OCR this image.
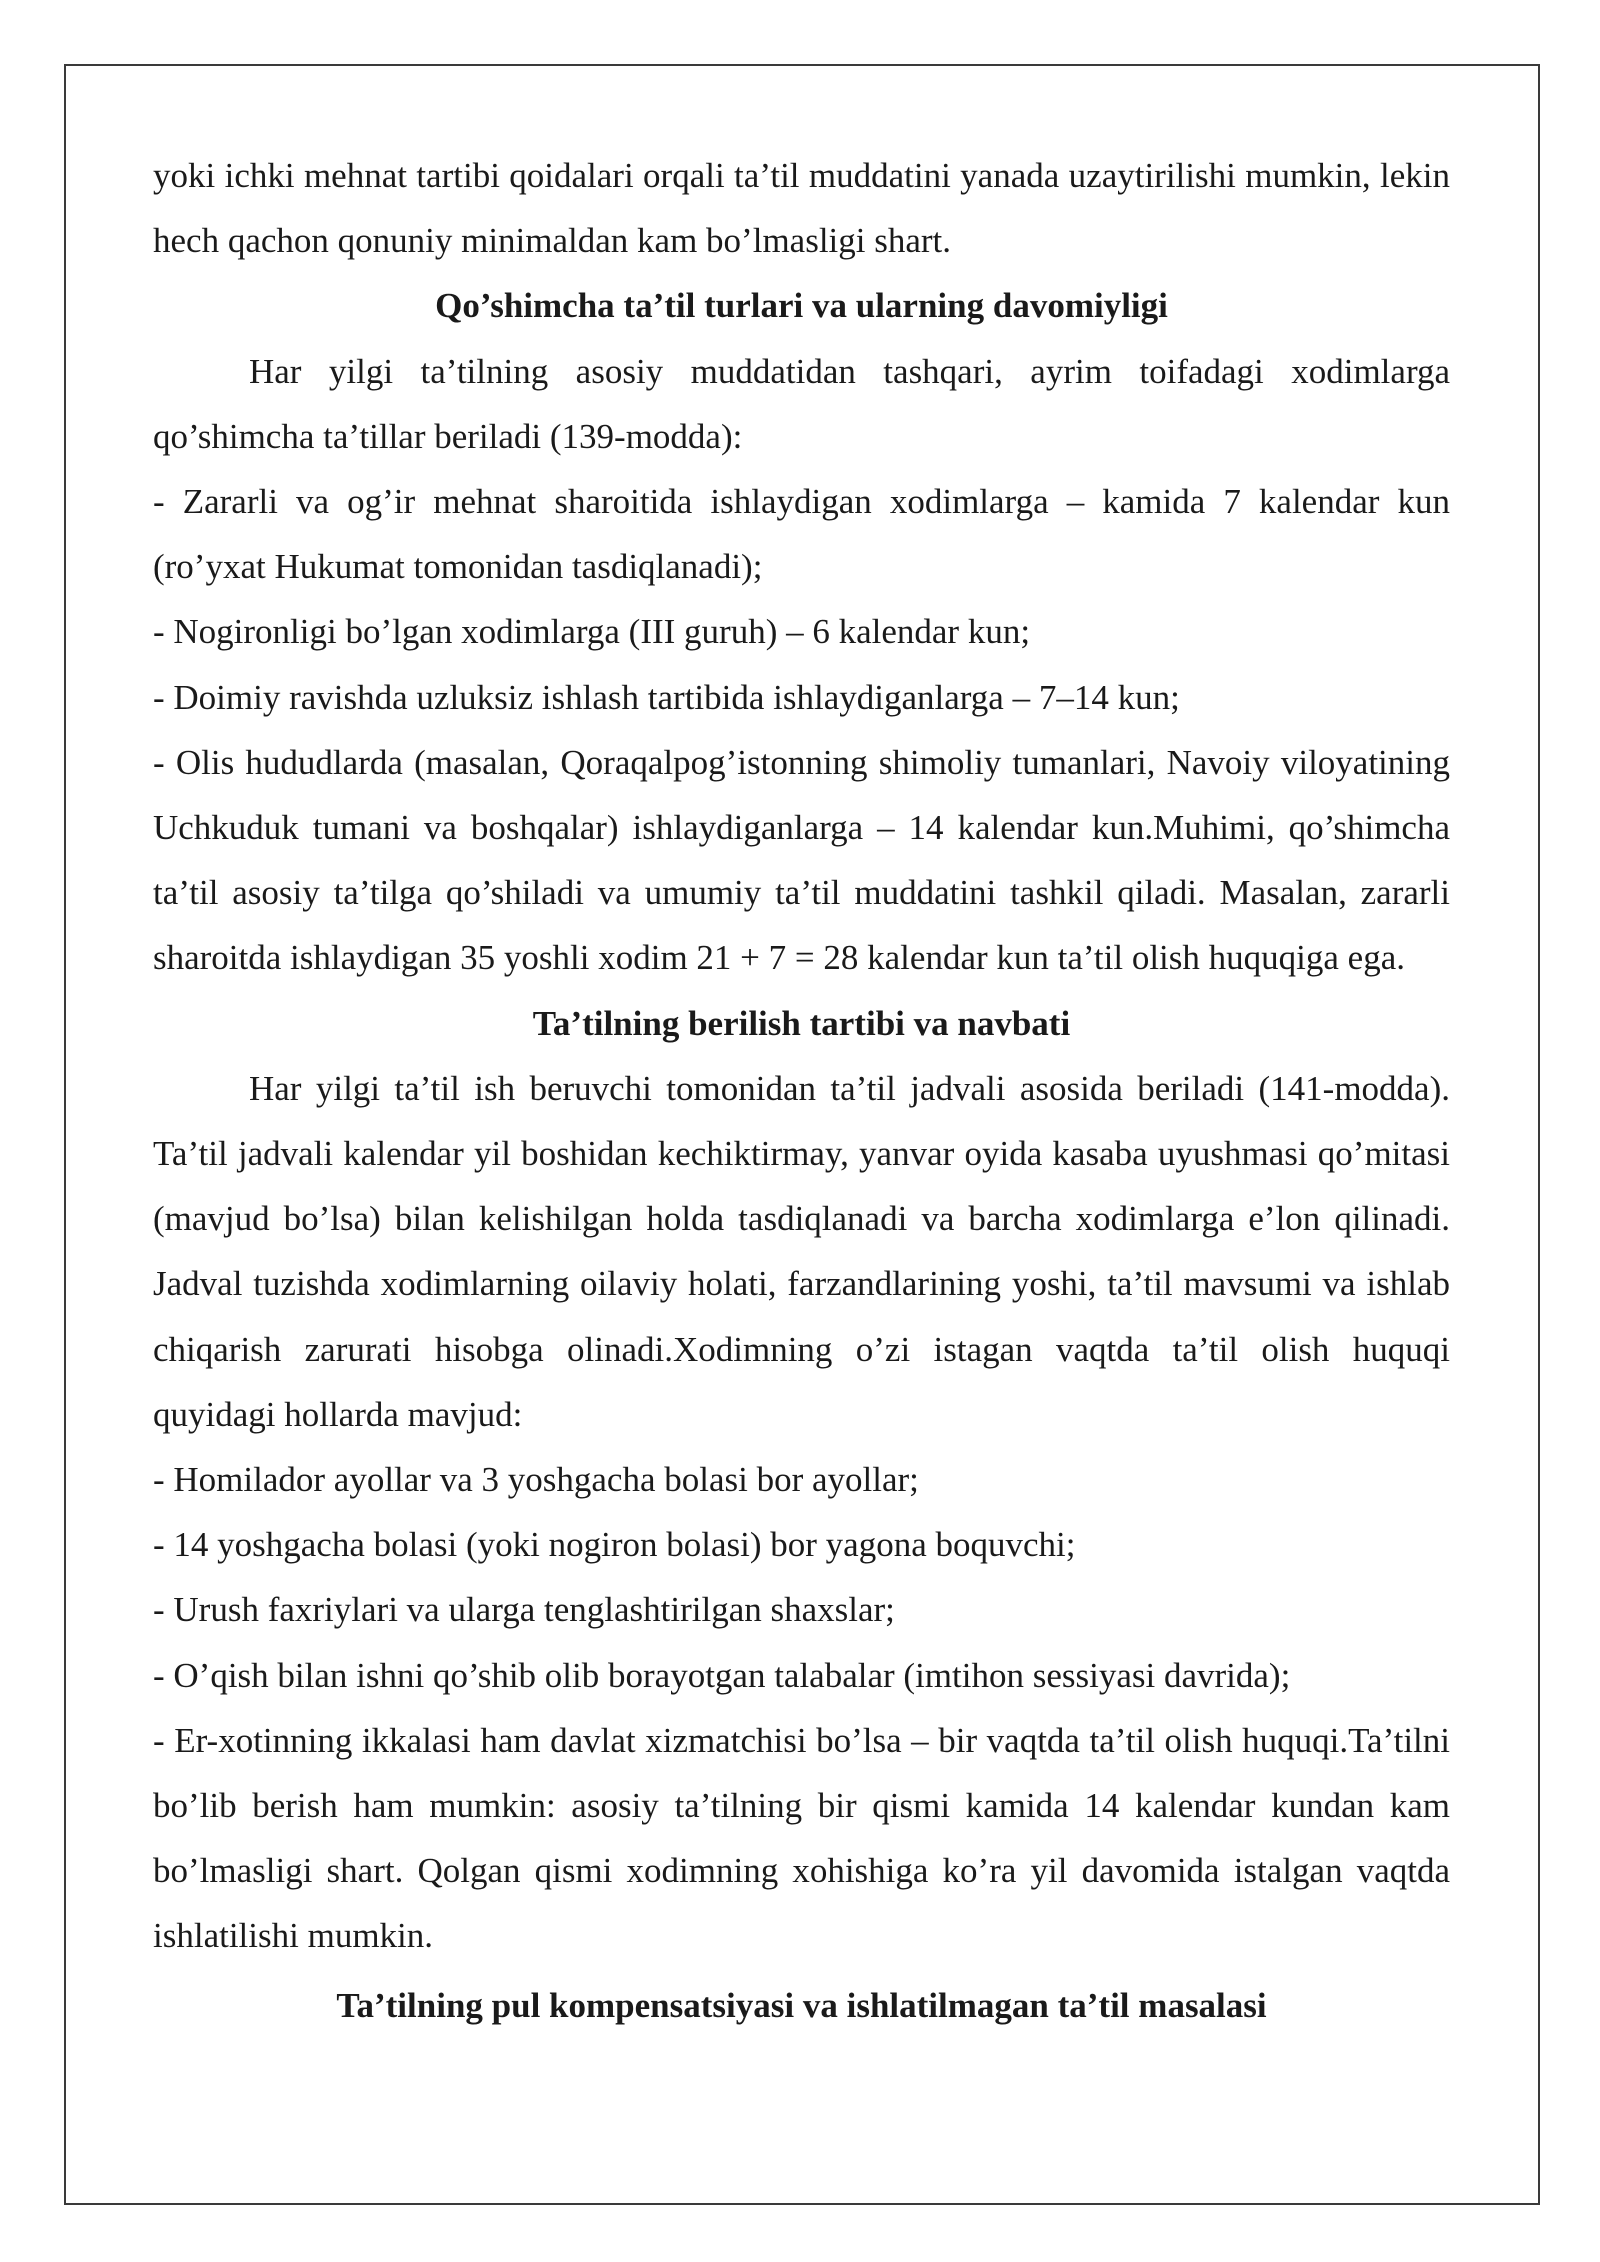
yoki ichki mehnat tartibi qoidalari orqali ta’til muddatini yanada uzaytirilishi mumkin, lekin hech qachon qonuniy minimaldan kam bo’lmasligi shart.

Qo’shimcha ta’til turlari va ularning davomiyligi

Har yilgi ta’tilning asosiy muddatidan tashqari, ayrim toifadagi xodimlarga qo’shimcha ta’tillar beriladi (139-modda):

- Zararli va og’ir mehnat sharoitida ishlaydigan xodimlarga – kamida 7 kalendar kun (ro’yxat Hukumat tomonidan tasdiqlanadi);

- Nogironligi bo’lgan xodimlarga (III guruh) – 6 kalendar kun;

- Doimiy ravishda uzluksiz ishlash tartibida ishlaydiganlarga – 7–14 kun;

- Olis hududlarda (masalan, Qoraqalpog’istonning shimoliy tumanlari, Navoiy viloyatining Uchkuduk tumani va boshqalar) ishlaydiganlarga – 14 kalendar kun.Muhimi, qo’shimcha ta’til asosiy ta’tilga qo’shiladi va umumiy ta’til muddatini tashkil qiladi. Masalan, zararli sharoitda ishlaydigan 35 yoshli xodim 21 + 7 = 28 kalendar kun ta’til olish huquqiga ega.

Ta’tilning berilish tartibi va navbati

Har yilgi ta’til ish beruvchi tomonidan ta’til jadvali asosida beriladi (141-modda). Ta’til jadvali kalendar yil boshidan kechiktirmay, yanvar oyida kasaba uyushmasi qo’mitasi (mavjud bo’lsa) bilan kelishilgan holda tasdiqlanadi va barcha xodimlarga e’lon qilinadi. Jadval tuzishda xodimlarning oilaviy holati, farzandlarining yoshi, ta’til mavsumi va ishlab chiqarish zarurati hisobga olinadi.Xodimning o’zi istagan vaqtda ta’til olish huquqi quyidagi hollarda mavjud:

- Homilador ayollar va 3 yoshgacha bolasi bor ayollar;

- 14 yoshgacha bolasi (yoki nogiron bolasi) bor yagona boquvchi;

- Urush faxriylari va ularga tenglashtirilgan shaxslar;

- O’qish bilan ishni qo’shib olib borayotgan talabalar (imtihon sessiyasi davrida);

- Er-xotinning ikkalasi ham davlat xizmatchisi bo’lsa – bir vaqtda ta’til olish huquqi.Ta’tilni bo’lib berish ham mumkin: asosiy ta’tilning bir qismi kamida 14 kalendar kundan kam bo’lmasligi shart. Qolgan qismi xodimning xohishiga ko’ra yil davomida istalgan vaqtda ishlatilishi mumkin.

Ta’tilning pul kompensatsiyasi va ishlatilmagan ta’til masalasi
